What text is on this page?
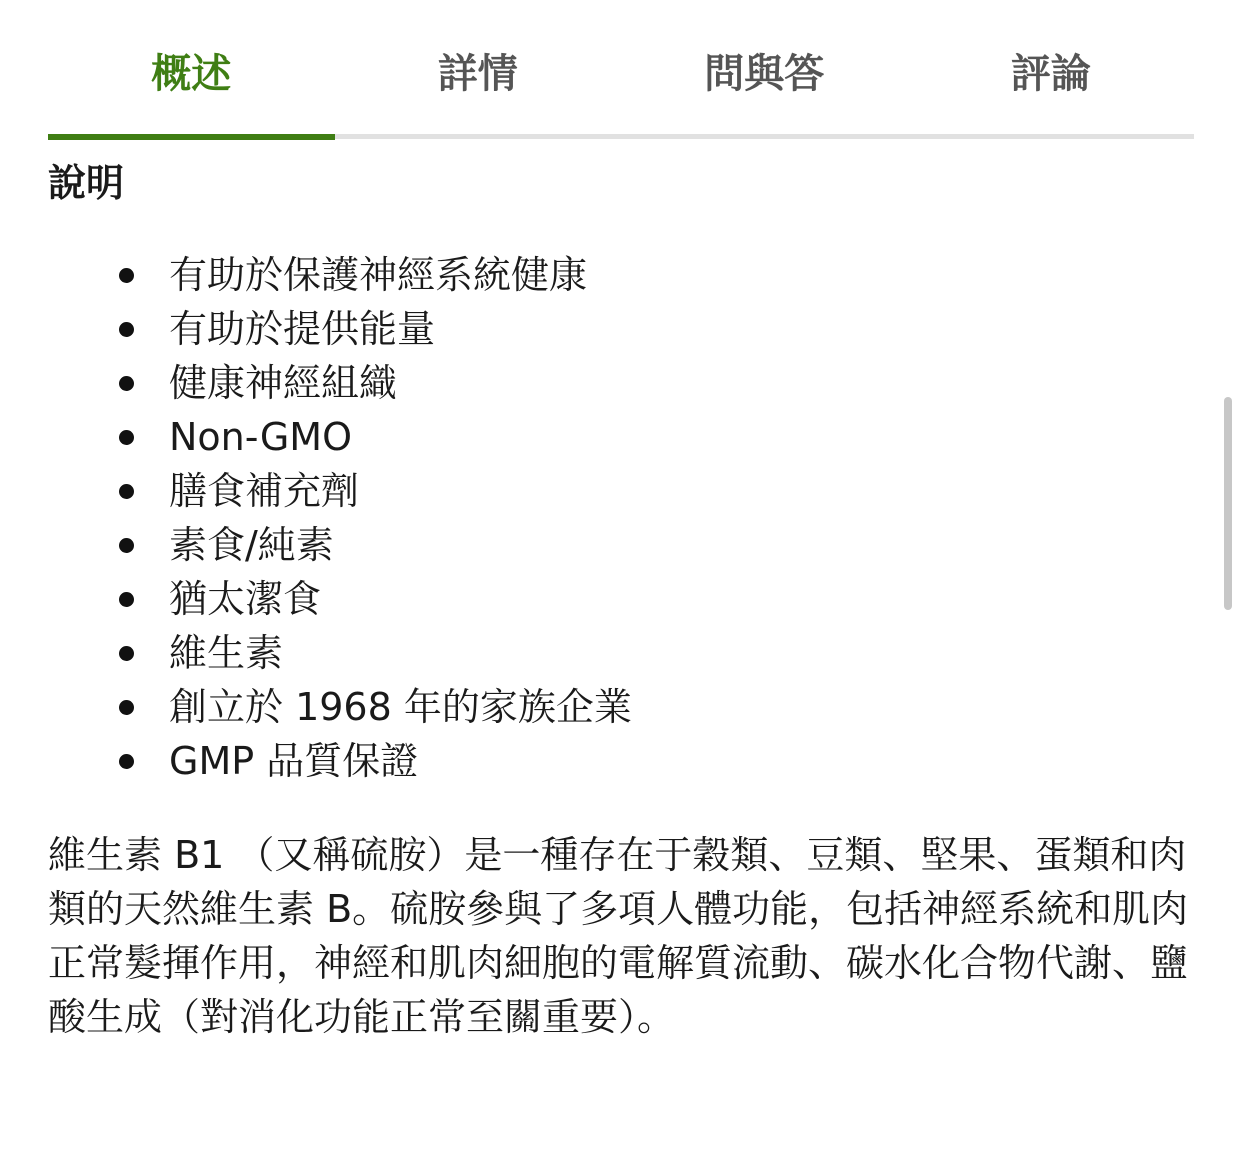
概述	詳情	問與答	評論
說明
有助於保護神經系統健康
有助於提供能量
健康神經組織
Non-GMO
膳食補充劑
素食/純素
猶太潔食
維生素
創立於 1968 年的家族企業
GMP 品質保證

維生素 B1 （又稱硫胺）是一種存在于穀類、豆類、堅果、蛋類和肉類的天然維生素 B。硫胺參與了多項人體功能，包括神經系統和肌肉正常髮揮作用，神經和肌肉細胞的電解質流動、碳水化合物代謝、鹽酸生成（對消化功能正常至關重要）。
